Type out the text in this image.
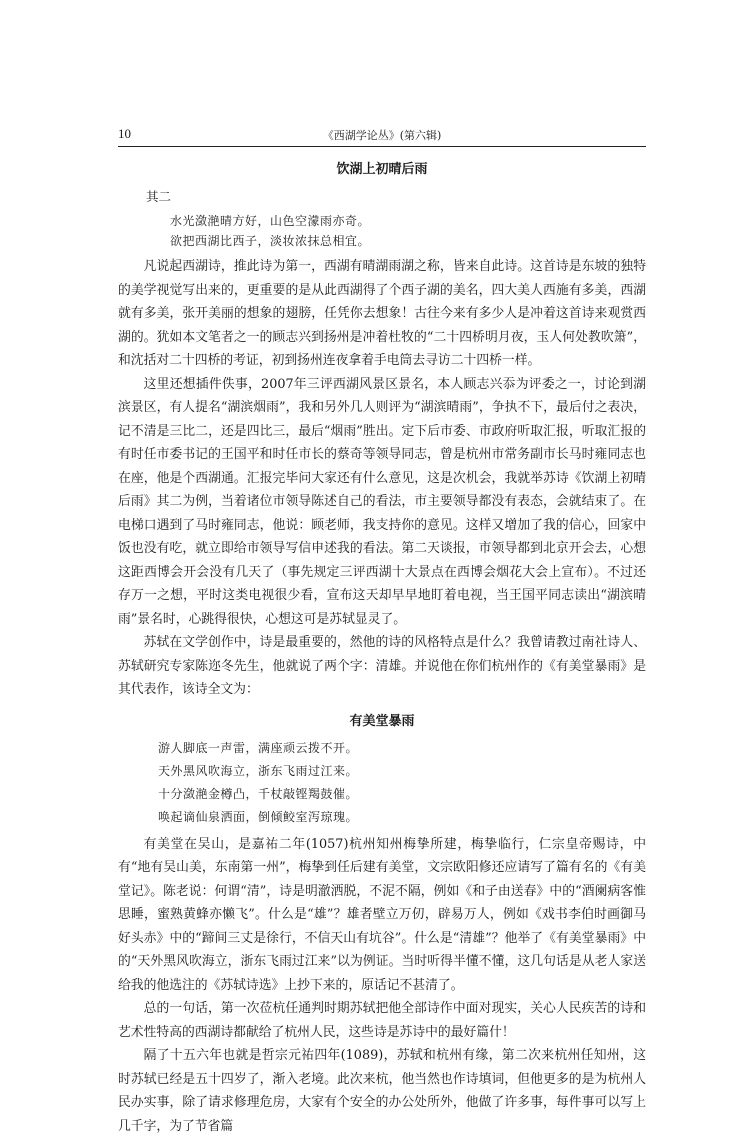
10	《西湖学论丛》(第六辑)
饮湖上初晴后雨
其二
水光潋滟晴方好，山色空濛雨亦奇。
欲把西湖比西子，淡妆浓抹总相宜。

凡说起西湖诗，推此诗为第一，西湖有晴湖雨湖之称，皆来自此诗。这首诗是东坡的独特的美学视觉写出来的，更重要的是从此西湖得了个西子湖的美名，四大美人西施有多美，西湖就有多美，张开美丽的想象的翅膀，任凭你去想象！古往今来有多少人是冲着这首诗来观赏西湖的。犹如本文笔者之一的顾志兴到扬州是冲着杜牧的“二十四桥明月夜，玉人何处教吹箫”，和沈括对二十四桥的考证，初到扬州连夜拿着手电筒去寻访二十四桥一样。

这里还想插件佚事，2007年三评西湖风景区景名，本人顾志兴忝为评委之一，讨论到湖滨景区，有人提名“湖滨烟雨”，我和另外几人则评为“湖滨晴雨”，争执不下，最后付之表决，记不清是三比二，还是四比三，最后“烟雨”胜出。定下后市委、市政府听取汇报，听取汇报的有时任市委书记的王国平和时任市长的蔡奇等领导同志，曾是杭州市常务副市长马时雍同志也在座，他是个西湖通。汇报完毕问大家还有什么意见，这是次机会，我就举苏诗《饮湖上初晴后雨》其二为例，当着诸位市领导陈述自己的看法，市主要领导都没有表态，会就结束了。在电梯口遇到了马时雍同志，他说：顾老师，我支持你的意见。这样又增加了我的信心，回家中饭也没有吃，就立即给市领导写信申述我的看法。第二天谈报，市领导都到北京开会去，心想这距西博会开会没有几天了（事先规定三评西湖十大景点在西博会烟花大会上宣布）。不过还存万一之想，平时这类电视很少看，宣布这天却早早地盯着电视，当王国平同志读出“湖滨晴雨”景名时，心跳得很快，心想这可是苏轼显灵了。

苏轼在文学创作中，诗是最重要的，然他的诗的风格特点是什么？我曾请教过南社诗人、苏轼研究专家陈迩冬先生，他就说了两个字：清雄。并说他在你们杭州作的《有美堂暴雨》是其代表作，该诗全文为：

有美堂暴雨
游人脚底一声雷，满座顽云拨不开。
天外黑风吹海立，浙东飞雨过江来。
十分潋滟金樽凸，千杖敲铿羯鼓催。
唤起谪仙泉洒面，倒倾鲛室泻琼瑰。

有美堂在吴山，是嘉祐二年(1057)杭州知州梅挚所建，梅挚临行，仁宗皇帝赐诗，中有“地有吴山美，东南第一州”，梅挚到任后建有美堂，文宗欧阳修还应请写了篇有名的《有美堂记》。陈老说：何谓“清”，诗是明澈洒脱，不泥不隔，例如《和子由送春》中的“酒阑病客惟思睡，蜜熟黄蜂亦懒飞”。什么是“雄”？雄者壁立万仞，辟易万人，例如《戏书李伯时画御马好头赤》中的“蹄间三丈是徐行，不信天山有坑谷”。什么是“清雄”？他举了《有美堂暴雨》中的“天外黑风吹海立，浙东飞雨过江来”以为例证。当时听得半懂不懂，这几句话是从老人家送给我的他选注的《苏轼诗选》上抄下来的，原话记不甚清了。

总的一句话，第一次莅杭任通判时期苏轼把他全部诗作中面对现实，关心人民疾苦的诗和艺术性特高的西湖诗都献给了杭州人民，这些诗是苏诗中的最好篇什！

隔了十五六年也就是哲宗元祐四年(1089)，苏轼和杭州有缘，第二次来杭州任知州，这时苏轼已经是五十四岁了，渐入老境。此次来杭，他当然也作诗填词，但他更多的是为杭州人民办实事，除了请求修理危房，大家有个安全的办公处所外，他做了许多事，每件事可以写上几千字，为了节省篇
